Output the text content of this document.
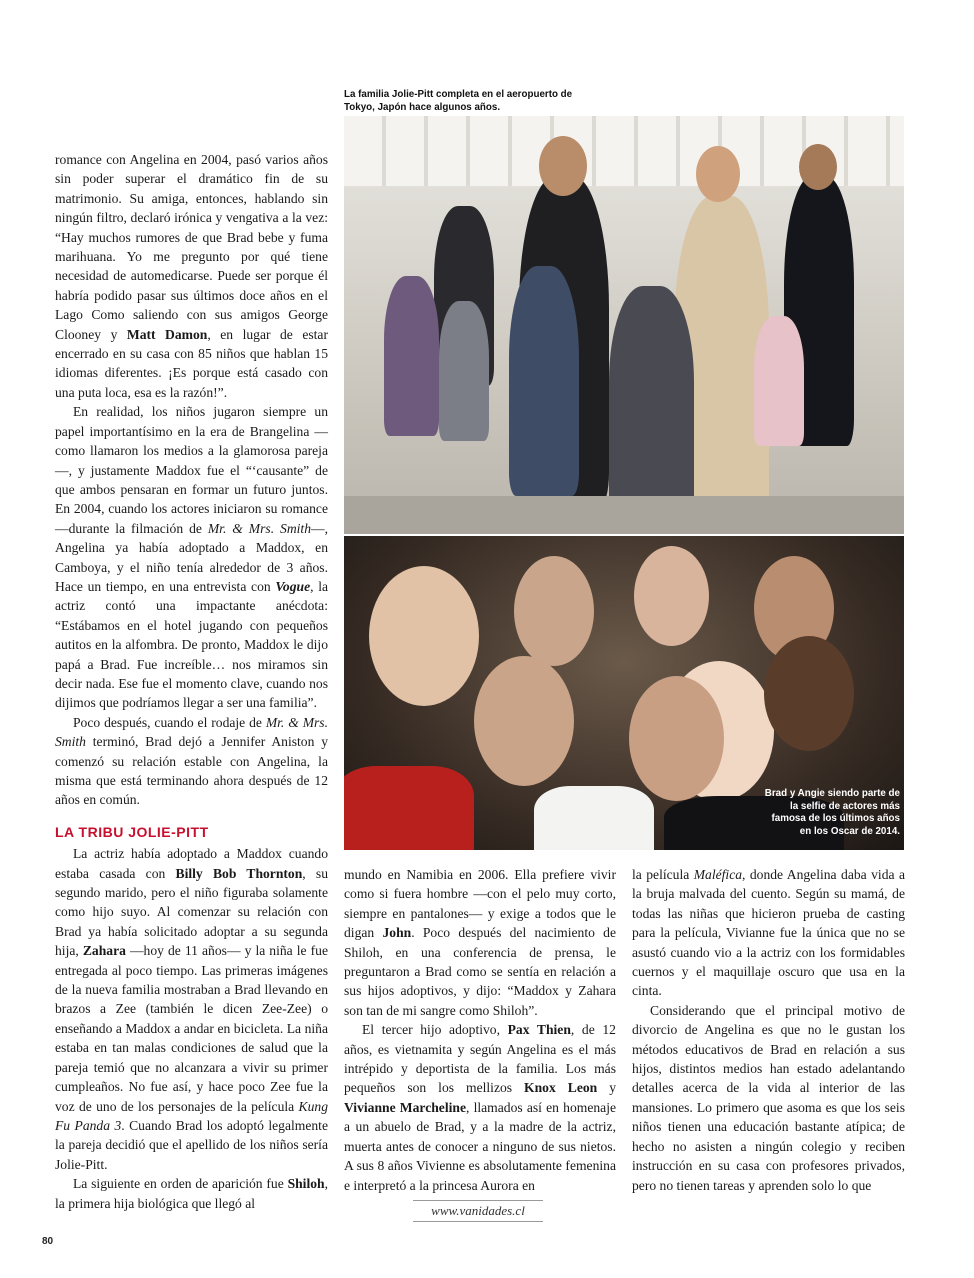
La familia Jolie-Pitt completa en el aeropuerto de Tokyo, Japón hace algunos años.
Brad y Angie siendo parte de la selfie de actores más famosa de los últimos años en los Oscar de 2014.

romance con Angelina en 2004, pasó varios años sin poder superar el dramático fin de su matrimonio. Su amiga, entonces, hablando sin ningún filtro, declaró irónica y vengativa a la vez: “Hay muchos rumores de que Brad bebe y fuma marihuana. Yo me pregunto por qué tiene necesidad de automedicarse. Puede ser porque él habría podido pasar sus últimos doce años en el Lago Como saliendo con sus amigos George Clooney y Matt Damon, en lugar de estar encerrado en su casa con 85 niños que hablan 15 idiomas diferentes. ¡Es porque está casado con una puta loca, esa es la razón!”.

En realidad, los niños jugaron siempre un papel importantísimo en la era de Brangelina —como llamaron los medios a la glamorosa pareja—, y justamente Maddox fue el “‘causante” de que ambos pensaran en formar un futuro juntos. En 2004, cuando los actores iniciaron su romance —durante la filmación de Mr. & Mrs. Smith—, Angelina ya había adoptado a Maddox, en Camboya, y el niño tenía alrededor de 3 años. Hace un tiempo, en una entrevista con Vogue, la actriz contó una impactante anécdota: “Estábamos en el hotel jugando con pequeños autitos en la alfombra. De pronto, Maddox le dijo papá a Brad. Fue increíble… nos miramos sin decir nada. Ese fue el momento clave, cuando nos dijimos que podríamos llegar a ser una familia”.

Poco después, cuando el rodaje de Mr. & Mrs. Smith terminó, Brad dejó a Jennifer Aniston y comenzó su relación estable con Angelina, la misma que está terminando ahora después de 12 años en común.

LA TRIBU JOLIE-PITT

La actriz había adoptado a Maddox cuando estaba casada con Billy Bob Thornton, su segundo marido, pero el niño figuraba solamente como hijo suyo. Al comenzar su relación con Brad ya había solicitado adoptar a su segunda hija, Zahara —hoy de 11 años— y la niña le fue entregada al poco tiempo. Las primeras imágenes de la nueva familia mostraban a Brad llevando en brazos a Zee (también le dicen Zee-Zee) o enseñando a Maddox a andar en bicicleta. La niña estaba en tan malas condiciones de salud que la pareja temió que no alcanzara a vivir su primer cumpleaños. No fue así, y hace poco Zee fue la voz de uno de los personajes de la película Kung Fu Panda 3. Cuando Brad los adoptó legalmente la pareja decidió que el apellido de los niños sería Jolie-Pitt.

La siguiente en orden de aparición fue Shiloh, la primera hija biológica que llegó al

mundo en Namibia en 2006. Ella prefiere vivir como si fuera hombre —con el pelo muy corto, siempre en pantalones— y exige a todos que le digan John. Poco después del nacimiento de Shiloh, en una conferencia de prensa, le preguntaron a Brad como se sentía en relación a sus hijos adoptivos, y dijo: “Maddox y Zahara son tan de mi sangre como Shiloh”.

El tercer hijo adoptivo, Pax Thien, de 12 años, es vietnamita y según Angelina es el más intrépido y deportista de la familia. Los más pequeños son los mellizos Knox Leon y Vivianne Marcheline, llamados así en homenaje a un abuelo de Brad, y a la madre de la actriz, muerta antes de conocer a ninguno de sus nietos. A sus 8 años Vivienne es absolutamente femenina e interpretó a la princesa Aurora en

la película Maléfica, donde Angelina daba vida a la bruja malvada del cuento. Según su mamá, de todas las niñas que hicieron prueba de casting para la película, Vivianne fue la única que no se asustó cuando vio a la actriz con los formidables cuernos y el maquillaje oscuro que usa en la cinta.

Considerando que el principal motivo de divorcio de Angelina es que no le gustan los métodos educativos de Brad en relación a sus hijos, distintos medios han estado adelantando detalles acerca de la vida al interior de las mansiones. Lo primero que asoma es que los seis niños tienen una educación bastante atípica; de hecho no asisten a ningún colegio y reciben instrucción en su casa con profesores privados, pero no tienen tareas y aprenden solo lo que

www.vanidades.cl
80
